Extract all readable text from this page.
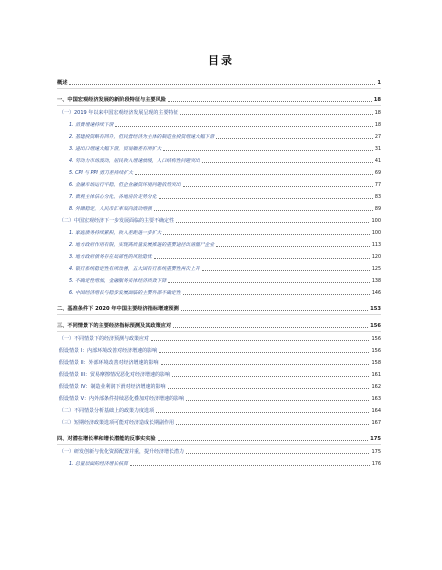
目录
概述	1
一、中国宏观经济发展的新阶段特征与主要风险	18
（一）2019 年以来中国宏观经济发展呈现的主要特征	18
1. 消费增速持续下滑	18
2. 基建投资略有回升，但民营经济为主体的制造业投资增速大幅下滑	27
3. 进出口增速大幅下滑，贸易顺差有所扩大	31
4. 劳动力市场波动，居民收入增速放缓，人口结构性问题突出	41
5. CPI 与 PPI 剪刀差持续扩大	69
6. 金融市场运行平稳，但企业融资环境问题依然突出	77
7. 微观主体信心分化，各地房价走势分化	83
8. 外储稳定，人民币汇率双向波动增强	89
（二）中国宏观经济下一步发展面临的主要不确定性	100
1. 家庭债务持续累积，收入差距进一步扩大	100
2. 地方政府作用有限，实现高质量发展推进的重要途径出清僵尸企业	113
3. 地方政府债务存在局部性的风险隐忧	120
4. 银行系统稳定性有所改善，五大国有行系统重要性再次上升	125
5. 不确定性增加，金融服务实体经济质效下降	138
6. 中国经济增长与稳步发展面临的主要外部不确定性	146
二、基准条件下 2020 年中国主要经济指标增速预测	153
三、不同情景下的主要经济指标预测及其政策应对	156
（一）不同情景下的经济预测与政策应对	156
假设情景 I：内部环境改善对经济增速的影响	156
假设情景 II：外部环境改善对经济增速的影响	158
假设情景 III：贸易摩擦情况恶化对经济增速的影响	161
假设情景 IV：制造业利润下滑对经济增速的影响	162
假设情景 V：内外部条件持续恶化叠加对经济增速的影响	163
（二）不同情景分析基础上的政策力度选项	164
（三）短期经济政策选项可能对经济造成长期副作用	167
四、对潜在增长率和增长潜能的反事实实验	175
（一）研发创新与优化资源配置并重，提升经济增长潜力	175
1. 总量层面的经济增长核算	176
